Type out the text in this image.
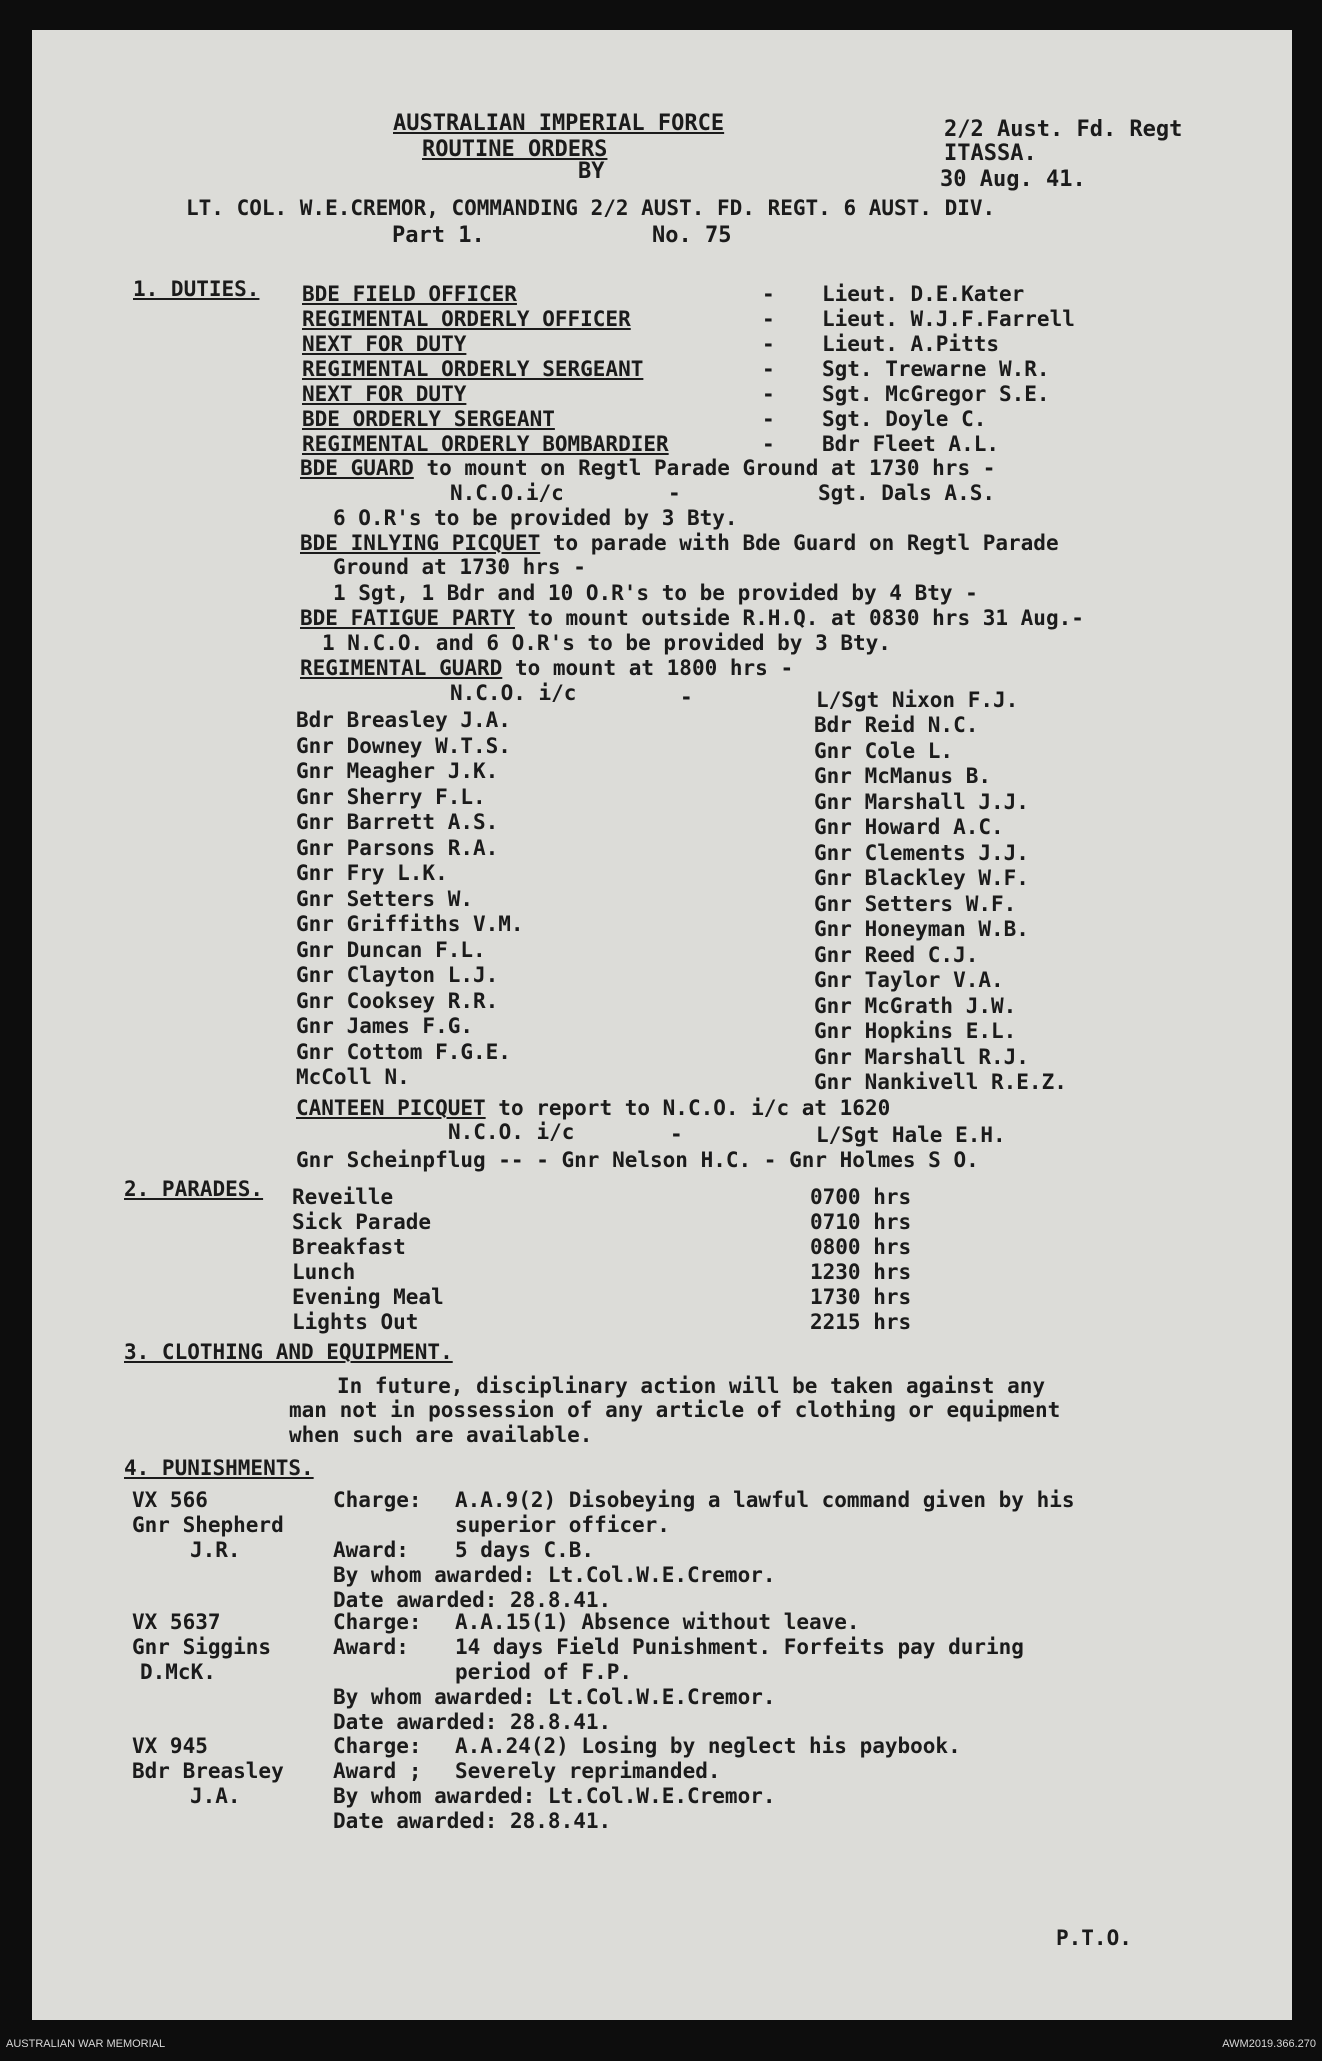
AUSTRALIAN IMPERIAL FORCE
ROUTINE ORDERS
BY
2/2 Aust. Fd. Regt
ITASSA.
30 Aug. 41.
LT. COL. W.E.CREMOR, COMMANDING 2/2 AUST. FD. REGT. 6 AUST. DIV.
Part 1.	No. 75
1. DUTIES. BDE FIELD OFFICER	- Lieut. D.E.Kater
REGIMENTAL ORDERLY OFFICER	- Lieut. W.J.F.Farrell
NEXT FOR DUTY	- Lieut. A.Pitts
REGIMENTAL ORDERLY SERGEANT	- Sgt. Trewarne W.R.
NEXT FOR DUTY	- Sgt. McGregor S.E.
BDE ORDERLY SERGEANT	- Sgt. Doyle C.
REGIMENTAL ORDERLY BOMBARDIER	- Bdr Fleet A.L.
BDE GUARD to mount on Regtl Parade Ground at 1730 hrs -
N.C.O.i/c	-	Sgt. Dals A.S.
6 O.R's to be provided by 3 Bty.
BDE INLYING PICQUET to parade with Bde Guard on Regtl Parade
Ground at 1730 hrs -
1 Sgt, 1 Bdr and 10 O.R's to be provided by 4 Bty -
BDE FATIGUE PARTY to mount outside R.H.Q. at 0830 hrs 31 Aug.-
1 N.C.O. and 6 O.R's to be provided by 3 Bty.
REGIMENTAL GUARD to mount at 1800 hrs -
N.C.O. i/c	-	L/Sgt Nixon F.J.
Bdr Breasley J.A.
Gnr Downey W.T.S.
Gnr Meagher J.K.
Gnr Sherry F.L.
Gnr Barrett A.S.
Gnr Parsons R.A.
Gnr Fry L.K.
Gnr Setters W.
Gnr Griffiths V.M.
Gnr Duncan F.L.
Gnr Clayton L.J.
Gnr Cooksey R.R.
Gnr James F.G.
Gnr Cottom F.G.E.
McColl N.
Bdr Reid N.C.
Gnr Cole L.
Gnr McManus B.
Gnr Marshall J.J.
Gnr Howard A.C.
Gnr Clements J.J.
Gnr Blackley W.F.
Gnr Setters W.F.
Gnr Honeyman W.B.
Gnr Reed C.J.
Gnr Taylor V.A.
Gnr McGrath J.W.
Gnr Hopkins E.L.
Gnr Marshall R.J.
Gnr Nankivell R.E.Z.
CANTEEN PICQUET to report to N.C.O. i/c at 1620
N.C.O. i/c	-	L/Sgt Hale E.H.
Gnr Scheinpflug -- - Gnr Nelson H.C. - Gnr Holmes S O.
2. PARADES. Reveille	0700 hrs
Sick Parade	0710 hrs
Breakfast	0800 hrs
Lunch	1230 hrs
Evening Meal	1730 hrs
Lights Out	2215 hrs
3. CLOTHING AND EQUIPMENT.
In future, disciplinary action will be taken against any
man not in possession of any article of clothing or equipment
when such are available.
4. PUNISHMENTS.
VX 566
Gnr Shepherd
J.R.
Charge: A.A.9(2) Disobeying a lawful command given by his
superior officer.
Award: 5 days C.B.
By whom awarded: Lt.Col.W.E.Cremor.
Date awarded: 28.8.41.
VX 5637
Gnr Siggins
D.McK.
Charge: A.A.15(1) Absence without leave.
Award: 14 days Field Punishment. Forfeits pay during
period of F.P.
By whom awarded: Lt.Col.W.E.Cremor.
Date awarded: 28.8.41.
VX 945
Bdr Breasley
J.A.
Charge: A.A.24(2) Losing by neglect his paybook.
Award ; Severely reprimanded.
By whom awarded: Lt.Col.W.E.Cremor.
Date awarded: 28.8.41.
P.T.O.
AUSTRALIAN WAR MEMORIAL	AWM2019.366.270
